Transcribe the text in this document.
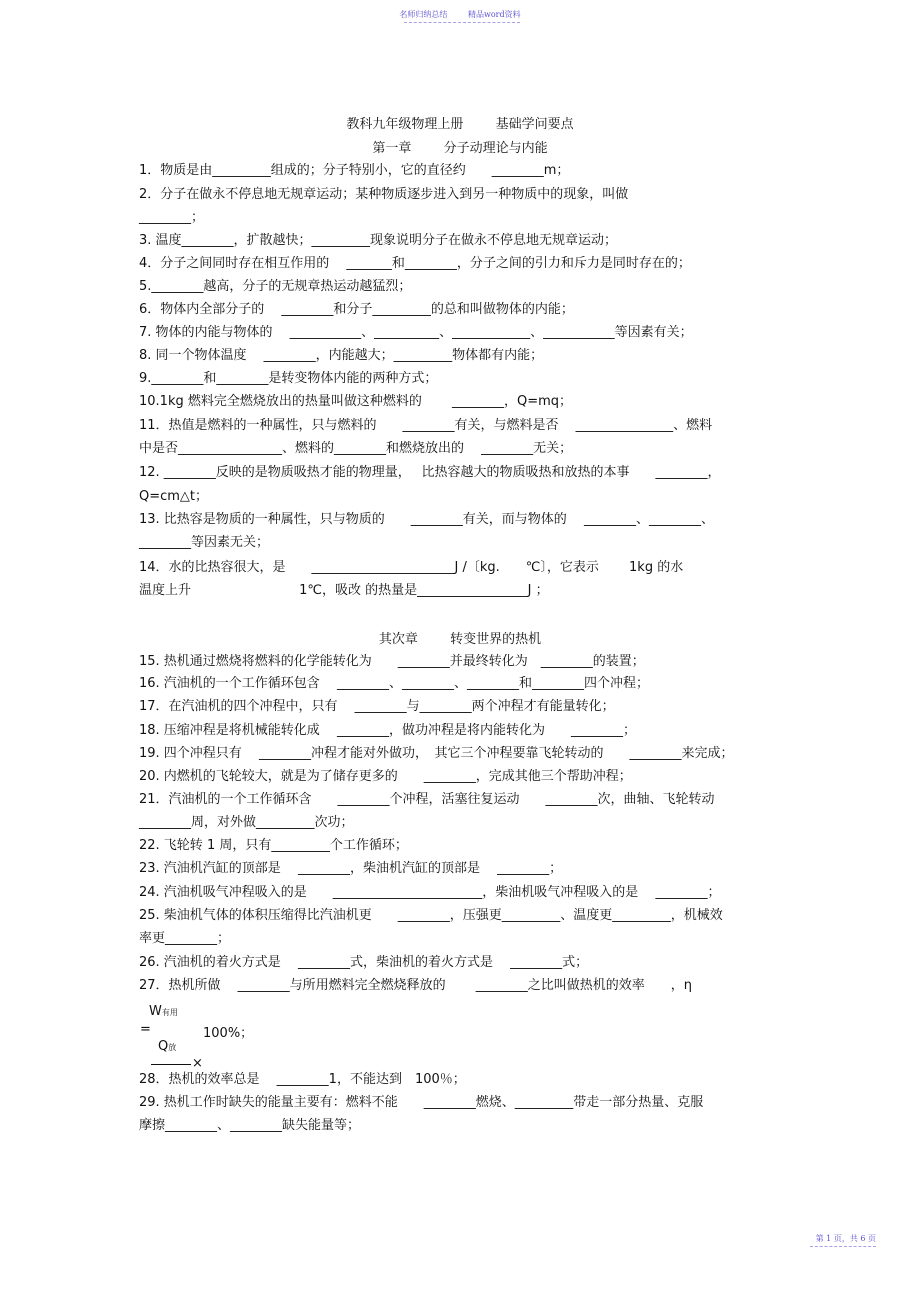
名师归纳总结	精品word资料
教科九年级物理上册 基础学问要点
第一章 分子动理论与内能
1．物质是由_________组成的；分子特别小，它的直径约　　________m；
2．分子在做永不停息地无规章运动；某种物质逐步进入到另一种物质中的现象，叫做
________；
3. 温度________，扩散越快；_________现象说明分子在做永不停息地无规章运动；
4．分子之间同时存在相互作用的　 _______和________，分子之间的引力和斥力是同时存在的；
5.________越高，分子的无规章热运动越猛烈；
6．物体内全部分子的　 ________和分子_________的总和叫做物体的内能；
7. 物体的内能与物体的　 ___________、__________、____________、___________等因素有关；
8. 同一个物体温度　 ________，内能越大；_________物体都有内能；
9.________和________是转变物体内能的两种方式；
10.1kg 燃料完全燃烧放出的热量叫做这种燃料的　　 ________，Q=mq；
11．热值是燃料的一种属性，只与燃料的　　________有关，与燃料是否　 _______________、燃料
中是否________________、燃料的________和燃烧放出的　 ________无关；
12. ________反映的是物质吸热才能的物理量，　 比热容越大的物质吸热和放热的本事　　________，
Q=cm△t；
13. 比热容是物质的一种属性，只与物质的　　________有关，而与物体的　 ________、________、
________等因素无关；
14．水的比热容很大，是　　______________________J /〔kg.　　℃〕，它表示　　 1kg 的水
温度上升　　　　　　　　 1℃，吸改 的热量是_________________J ；
其次章 转变世界的热机
15. 热机通过燃烧将燃料的化学能转化为　　________并最终转化为　________的装置；
16. 汽油机的一个工作循环包含　 ________、________、________和________四个冲程；
17．在汽油机的四个冲程中，只有　 ________与________两个冲程才有能量转化；
18. 压缩冲程是将机械能转化成　 ________，做功冲程是将内能转化为　　________；
19. 四个冲程只有　 ________冲程才能对外做功，　其它三个冲程要靠飞轮转动的　　________来完成；
20. 内燃机的飞轮较大，就是为了储存更多的　　________，完成其他三个帮助冲程；
21．汽油机的一个工作循环含　　________个冲程，活塞往复运动　　________次，曲轴、飞轮转动
________周，对外做_________次功；
22. 飞轮转 1 周，只有_________个工作循环；
23. 汽油机汽缸的顶部是　 ________，柴油机汽缸的顶部是　 ________；
24. 汽油机吸气冲程吸入的是　　_______________________，柴油机吸气冲程吸入的是　 ________；
25. 柴油机气体的体积压缩得比汽油机更　　________，压强更_________、温度更_________，机械效
率更________；
26. 汽油机的着火方式是　 ________式，柴油机的着火方式是　 ________式；
27．热机所做　 ________与所用燃料完全燃烧释放的　　 ________之比叫做热机的效率　　，η
W有用
=	100%；
Q放
×
28．热机的效率总是　 ________1，不能达到　100％；
29. 热机工作时缺失的能量主要有：燃料不能　　________燃烧、_________带走一部分热量、克服
摩擦________、________缺失能量等；
第 1 页，共 6 页
